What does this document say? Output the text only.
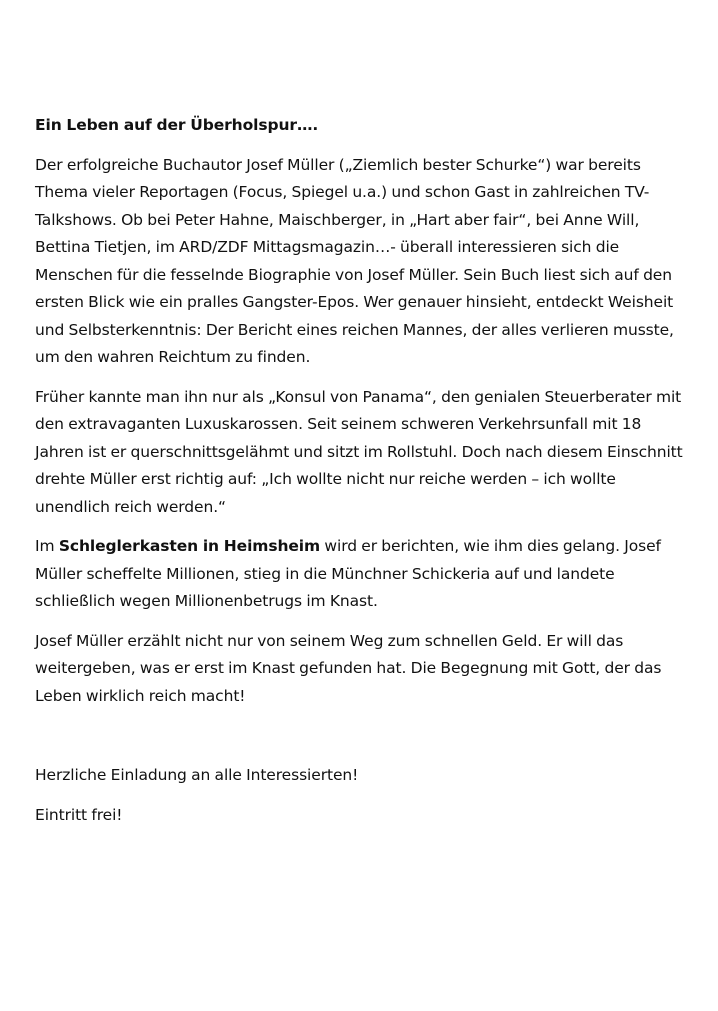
Ein Leben auf der Überholspur….

Der erfolgreiche Buchautor Josef Müller („Ziemlich bester Schurke“) war bereits Thema vieler Reportagen (Focus, Spiegel u.a.) und schon Gast in zahlreichen TV-Talkshows. Ob bei Peter Hahne, Maischberger, in „Hart aber fair“, bei Anne Will, Bettina Tietjen, im ARD/ZDF Mittagsmagazin…- überall interessieren sich die Menschen für die fesselnde Biographie von Josef Müller. Sein Buch liest sich auf den ersten Blick wie ein pralles Gangster-Epos. Wer genauer hinsieht, entdeckt Weisheit und Selbsterkenntnis: Der Bericht eines reichen Mannes, der alles verlieren musste, um den wahren Reichtum zu finden.

Früher kannte man ihn nur als „Konsul von Panama“, den genialen Steuerberater mit den extravaganten Luxuskarossen. Seit seinem schweren Verkehrsunfall mit 18 Jahren ist er querschnittsgelähmt und sitzt im Rollstuhl. Doch nach diesem Einschnitt drehte Müller erst richtig auf: „Ich wollte nicht nur reiche werden – ich wollte unendlich reich werden.“

Im Schleglerkasten in Heimsheim wird er berichten, wie ihm dies gelang. Josef Müller scheffelte Millionen, stieg in die Münchner Schickeria auf und landete schließlich wegen Millionenbetrugs im Knast.

Josef Müller erzählt nicht nur von seinem Weg zum schnellen Geld. Er will das weitergeben, was er erst im Knast gefunden hat. Die Begegnung mit Gott, der das Leben wirklich reich macht!

Herzliche Einladung an alle Interessierten!

Eintritt frei!
